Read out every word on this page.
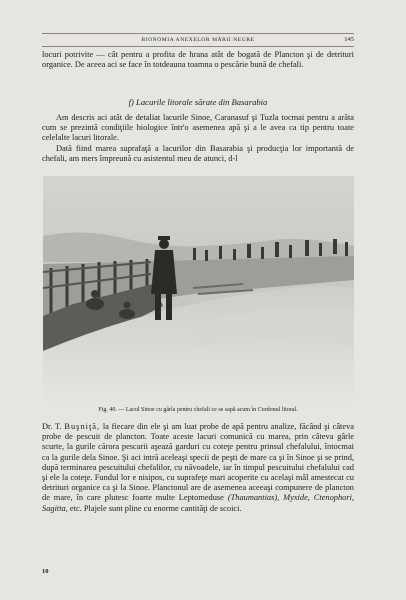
BIONOMIA ANEXELOR MĂRII NEGRE	145

locuri potrivite — cât pentru a profita de hrana atât de bogată de Plancton şi de detrituri organice. De aceea aci se face în totdeauna toamna o pescărie bună de chefali.

f) Lacurile litorale sărate din Basarabia

Am descris aci atât de detaliat lacurile Sinoe, Caranasuf şi Tuzla tocmai pentru a arăta cum se prezintă condiţiile biologice într'o asemenea apă şi a le avea ca tip pentru toate celelalte lacuri litorale.

Dată fiind marea suprafaţă a lacurilor din Basarabia şi producţia lor importantă de chefali, am mers împreună cu asistentul meu de atunci, d-l

Fig. 40. — Lacul Sinoe cu gârla pentru chefali ce se sapă acum în Cordonul litoral.

Dr. T. Buşniţă, la fiecare din ele şi am luat probe de apă pentru analize, făcând şi câteva probe de pescuit de plancton. Toate aceste lacuri comunică cu marea, prin câteva gârle scurte, la gurile cărora pescarii aşează garduri cu coteţe pentru prinsul chefalului, întocmai ca la gurile dela Sinoe. Şi aci intră aceleaşi specii de peşti de mare ca şi în Sinoe şi se prind, după terminarea pescuitului chefalilor, cu năvoadele, iar în timpul pescuitului chefalului cad şi ele la coteţe. Fundul lor e nisipos, cu suprafeţe mari acoperite cu acelaşi mâl amestecat cu detrituri organice ca şi la Sinoe. Planctonul are de asemenea aceeaşi compunere de plancton de mare, în care plutesc foarte multe Leptomeduse (Thaumantias), Myxide, Ctenophori, Sagitta, etc. Plajele sunt pline cu enorme cantităţi de scoici.

10
